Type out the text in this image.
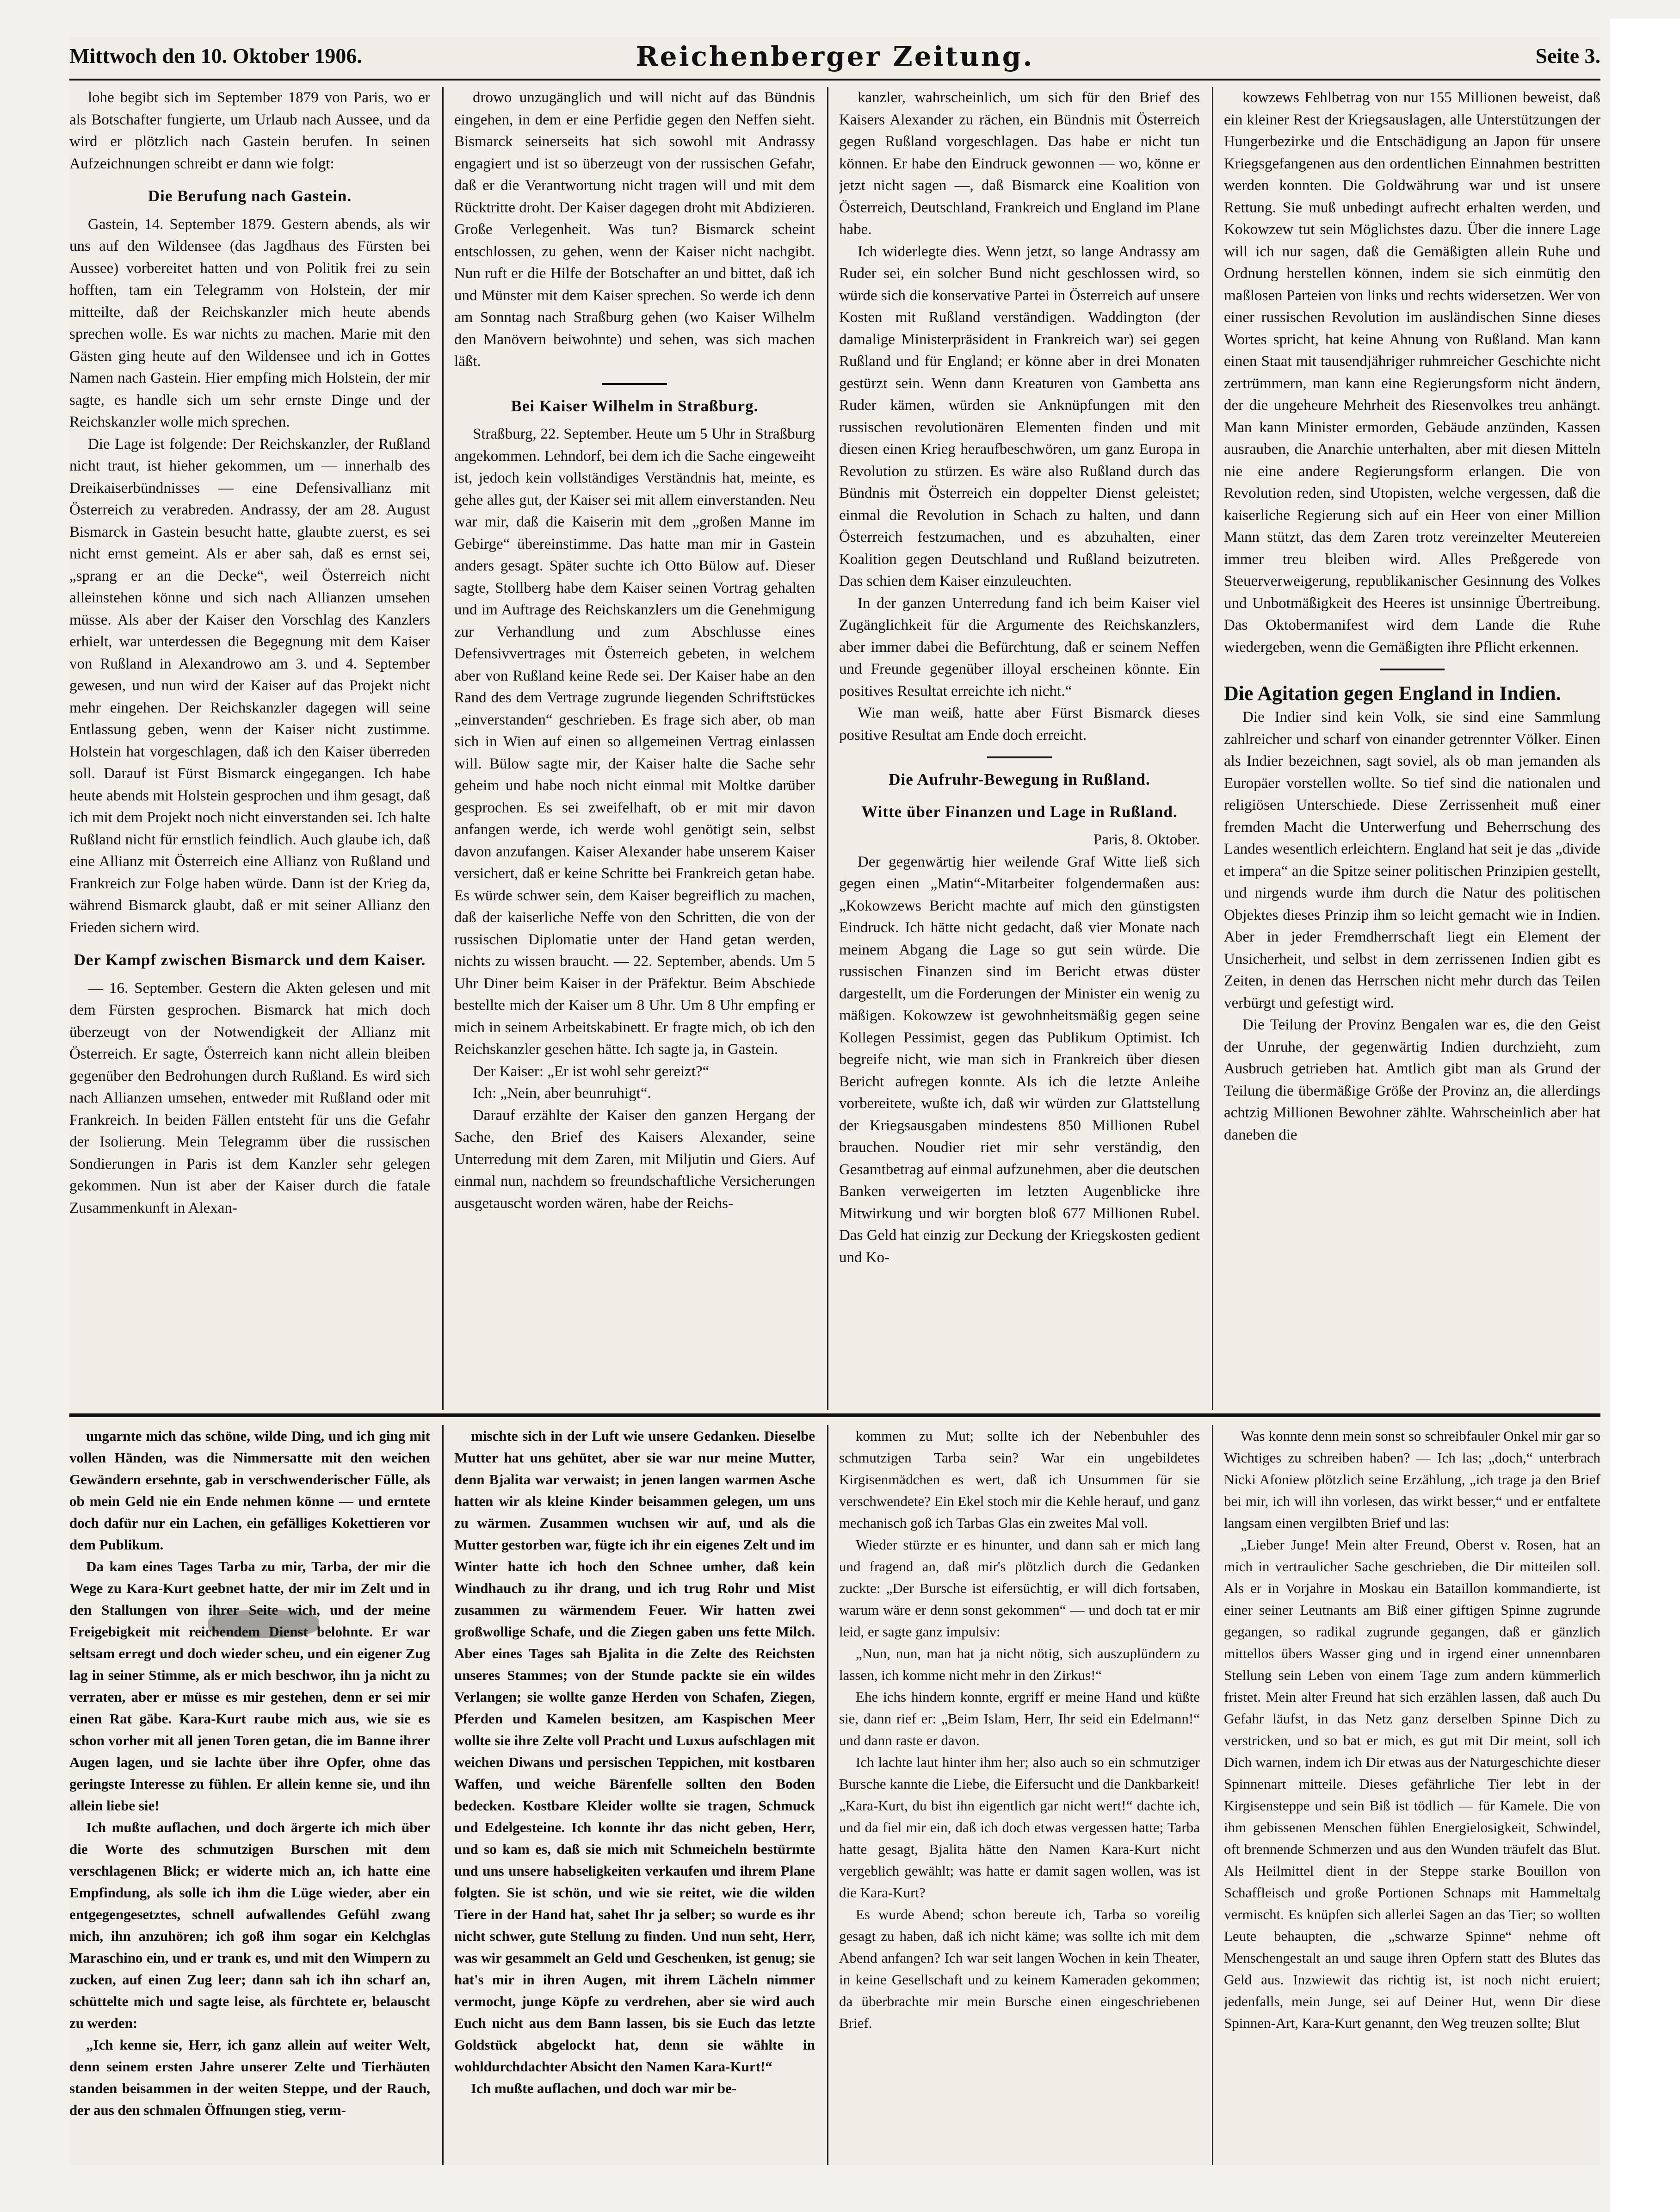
Mittwoch den 10. Oktober 1906.	Reichenberger Zeitung.	Seite 3.

lohe begibt sich im September 1879 von Paris, wo er als Botschafter fungierte, um Urlaub nach Aussee, und da wird er plötzlich nach Gastein berufen. In seinen Aufzeichnungen schreibt er dann wie folgt:

Die Berufung nach Gastein.

Gastein, 14. September 1879. Gestern abends, als wir uns auf den Wildensee (das Jagdhaus des Fürsten bei Aussee) vorbereitet hatten und von Politik frei zu sein hofften, tam ein Telegramm von Holstein, der mir mitteilte, daß der Reichskanzler mich heute abends sprechen wolle. Es war nichts zu machen. Marie mit den Gästen ging heute auf den Wildensee und ich in Gottes Namen nach Gastein. Hier empfing mich Holstein, der mir sagte, es handle sich um sehr ernste Dinge und der Reichskanzler wolle mich sprechen.

Die Lage ist folgende: Der Reichskanzler, der Rußland nicht traut, ist hieher gekommen, um — innerhalb des Dreikaiserbündnisses — eine Defensivallianz mit Österreich zu verabreden. Andrassy, der am 28. August Bismarck in Gastein besucht hatte, glaubte zuerst, es sei nicht ernst gemeint. Als er aber sah, daß es ernst sei, „sprang er an die Decke“, weil Österreich nicht alleinstehen könne und sich nach Allianzen umsehen müsse. Als aber der Kaiser den Vorschlag des Kanzlers erhielt, war unterdessen die Begegnung mit dem Kaiser von Rußland in Alexandrowo am 3. und 4. September gewesen, und nun wird der Kaiser auf das Projekt nicht mehr eingehen. Der Reichskanzler dagegen will seine Entlassung geben, wenn der Kaiser nicht zustimme. Holstein hat vorgeschlagen, daß ich den Kaiser überreden soll. Darauf ist Fürst Bismarck eingegangen. Ich habe heute abends mit Holstein gesprochen und ihm gesagt, daß ich mit dem Projekt noch nicht einverstanden sei. Ich halte Rußland nicht für ernstlich feindlich. Auch glaube ich, daß eine Allianz mit Österreich eine Allianz von Rußland und Frankreich zur Folge haben würde. Dann ist der Krieg da, während Bismarck glaubt, daß er mit seiner Allianz den Frieden sichern wird.

Der Kampf zwischen Bismarck und dem Kaiser.

— 16. September. Gestern die Akten gelesen und mit dem Fürsten gesprochen. Bismarck hat mich doch überzeugt von der Notwendigkeit der Allianz mit Österreich. Er sagte, Österreich kann nicht allein bleiben gegenüber den Bedrohungen durch Rußland. Es wird sich nach Allianzen umsehen, entweder mit Rußland oder mit Frankreich. In beiden Fällen entsteht für uns die Gefahr der Isolierung. Mein Telegramm über die russischen Sondierungen in Paris ist dem Kanzler sehr gelegen gekommen. Nun ist aber der Kaiser durch die fatale Zusammenkunft in Alexan-

drowo unzugänglich und will nicht auf das Bündnis eingehen, in dem er eine Perfidie gegen den Neffen sieht. Bismarck seinerseits hat sich sowohl mit Andrassy engagiert und ist so überzeugt von der russischen Gefahr, daß er die Verantwortung nicht tragen will und mit dem Rücktritte droht. Der Kaiser dagegen droht mit Abdizieren. Große Verlegenheit. Was tun? Bismarck scheint entschlossen, zu gehen, wenn der Kaiser nicht nachgibt. Nun ruft er die Hilfe der Botschafter an und bittet, daß ich und Münster mit dem Kaiser sprechen. So werde ich denn am Sonntag nach Straßburg gehen (wo Kaiser Wilhelm den Manövern beiwohnte) und sehen, was sich machen läßt.

Bei Kaiser Wilhelm in Straßburg.

Straßburg, 22. September. Heute um 5 Uhr in Straßburg angekommen. Lehndorf, bei dem ich die Sache eingeweiht ist, jedoch kein vollständiges Verständnis hat, meinte, es gehe alles gut, der Kaiser sei mit allem einverstanden. Neu war mir, daß die Kaiserin mit dem „großen Manne im Gebirge“ übereinstimme. Das hatte man mir in Gastein anders gesagt. Später suchte ich Otto Bülow auf. Dieser sagte, Stollberg habe dem Kaiser seinen Vortrag gehalten und im Auftrage des Reichskanzlers um die Genehmigung zur Verhandlung und zum Abschlusse eines Defensivvertrages mit Österreich gebeten, in welchem aber von Rußland keine Rede sei. Der Kaiser habe an den Rand des dem Vertrage zugrunde liegenden Schriftstückes „einverstanden“ geschrieben. Es frage sich aber, ob man sich in Wien auf einen so allgemeinen Vertrag einlassen will. Bülow sagte mir, der Kaiser halte die Sache sehr geheim und habe noch nicht einmal mit Moltke darüber gesprochen. Es sei zweifelhaft, ob er mit mir davon anfangen werde, ich werde wohl genötigt sein, selbst davon anzufangen. Kaiser Alexander habe unserem Kaiser versichert, daß er keine Schritte bei Frankreich getan habe. Es würde schwer sein, dem Kaiser begreiflich zu machen, daß der kaiserliche Neffe von den Schritten, die von der russischen Diplomatie unter der Hand getan werden, nichts zu wissen braucht. — 22. September, abends. Um 5 Uhr Diner beim Kaiser in der Präfektur. Beim Abschiede bestellte mich der Kaiser um 8 Uhr. Um 8 Uhr empfing er mich in seinem Arbeitskabinett. Er fragte mich, ob ich den Reichskanzler gesehen hätte. Ich sagte ja, in Gastein.

Der Kaiser: „Er ist wohl sehr gereizt?“

Ich: „Nein, aber beunruhigt“.

Darauf erzählte der Kaiser den ganzen Hergang der Sache, den Brief des Kaisers Alexander, seine Unterredung mit dem Zaren, mit Miljutin und Giers. Auf einmal nun, nachdem so freundschaftliche Versicherungen ausgetauscht worden wären, habe der Reichs-

kanzler, wahrscheinlich, um sich für den Brief des Kaisers Alexander zu rächen, ein Bündnis mit Österreich gegen Rußland vorgeschlagen. Das habe er nicht tun können. Er habe den Eindruck gewonnen — wo, könne er jetzt nicht sagen —, daß Bismarck eine Koalition von Österreich, Deutschland, Frankreich und England im Plane habe.

Ich widerlegte dies. Wenn jetzt, so lange Andrassy am Ruder sei, ein solcher Bund nicht geschlossen wird, so würde sich die konservative Partei in Österreich auf unsere Kosten mit Rußland verständigen. Waddington (der damalige Ministerpräsident in Frankreich war) sei gegen Rußland und für England; er könne aber in drei Monaten gestürzt sein. Wenn dann Kreaturen von Gambetta ans Ruder kämen, würden sie Anknüpfungen mit den russischen revolutionären Elementen finden und mit diesen einen Krieg heraufbeschwören, um ganz Europa in Revolution zu stürzen. Es wäre also Rußland durch das Bündnis mit Österreich ein doppelter Dienst geleistet; einmal die Revolution in Schach zu halten, und dann Österreich festzumachen, und es abzuhalten, einer Koalition gegen Deutschland und Rußland beizutreten. Das schien dem Kaiser einzuleuchten.

In der ganzen Unterredung fand ich beim Kaiser viel Zugänglichkeit für die Argumente des Reichskanzlers, aber immer dabei die Befürchtung, daß er seinem Neffen und Freunde gegenüber illoyal erscheinen könnte. Ein positives Resultat erreichte ich nicht.“

Wie man weiß, hatte aber Fürst Bismarck dieses positive Resultat am Ende doch erreicht.

Die Aufruhr-Bewegung in Rußland.

Witte über Finanzen und Lage in Rußland.

Paris, 8. Oktober.

Der gegenwärtig hier weilende Graf Witte ließ sich gegen einen „Matin“-Mitarbeiter folgendermaßen aus: „Kokowzews Bericht machte auf mich den günstigsten Eindruck. Ich hätte nicht gedacht, daß vier Monate nach meinem Abgang die Lage so gut sein würde. Die russischen Finanzen sind im Bericht etwas düster dargestellt, um die Forderungen der Minister ein wenig zu mäßigen. Kokowzew ist gewohnheitsmäßig gegen seine Kollegen Pessimist, gegen das Publikum Optimist. Ich begreife nicht, wie man sich in Frankreich über diesen Bericht aufregen konnte. Als ich die letzte Anleihe vorbereitete, wußte ich, daß wir würden zur Glattstellung der Kriegsausgaben mindestens 850 Millionen Rubel brauchen. Noudier riet mir sehr verständig, den Gesamtbetrag auf einmal aufzunehmen, aber die deutschen Banken verweigerten im letzten Augenblicke ihre Mitwirkung und wir borgten bloß 677 Millionen Rubel. Das Geld hat einzig zur Deckung der Kriegskosten gedient und Ko-

kowzews Fehlbetrag von nur 155 Millionen beweist, daß ein kleiner Rest der Kriegsauslagen, alle Unterstützungen der Hungerbezirke und die Entschädigung an Japon für unsere Kriegsgefangenen aus den ordentlichen Einnahmen bestritten werden konnten. Die Goldwährung war und ist unsere Rettung. Sie muß unbedingt aufrecht erhalten werden, und Kokowzew tut sein Möglichstes dazu. Über die innere Lage will ich nur sagen, daß die Gemäßigten allein Ruhe und Ordnung herstellen können, indem sie sich einmütig den maßlosen Parteien von links und rechts widersetzen. Wer von einer russischen Revolution im ausländischen Sinne dieses Wortes spricht, hat keine Ahnung von Rußland. Man kann einen Staat mit tausendjähriger ruhmreicher Geschichte nicht zertrümmern, man kann eine Regierungsform nicht ändern, der die ungeheure Mehrheit des Riesenvolkes treu anhängt. Man kann Minister ermorden, Gebäude anzünden, Kassen ausrauben, die Anarchie unterhalten, aber mit diesen Mitteln nie eine andere Regierungsform erlangen. Die von Revolution reden, sind Utopisten, welche vergessen, daß die kaiserliche Regierung sich auf ein Heer von einer Million Mann stützt, das dem Zaren trotz vereinzelter Meutereien immer treu bleiben wird. Alles Preßgerede von Steuerverweigerung, republikanischer Gesinnung des Volkes und Unbotmäßigkeit des Heeres ist unsinnige Übertreibung. Das Oktobermanifest wird dem Lande die Ruhe wiedergeben, wenn die Gemäßigten ihre Pflicht erkennen.

Die Agitation gegen England in Indien.

Die Indier sind kein Volk, sie sind eine Sammlung zahlreicher und scharf von einander getrennter Völker. Einen als Indier bezeichnen, sagt soviel, als ob man jemanden als Europäer vorstellen wollte. So tief sind die nationalen und religiösen Unterschiede. Diese Zerrissenheit muß einer fremden Macht die Unterwerfung und Beherrschung des Landes wesentlich erleichtern. England hat seit je das „divide et impera“ an die Spitze seiner politischen Prinzipien gestellt, und nirgends wurde ihm durch die Natur des politischen Objektes dieses Prinzip ihm so leicht gemacht wie in Indien. Aber in jeder Fremdherrschaft liegt ein Element der Unsicherheit, und selbst in dem zerrissenen Indien gibt es Zeiten, in denen das Herrschen nicht mehr durch das Teilen verbürgt und gefestigt wird.

Die Teilung der Provinz Bengalen war es, die den Geist der Unruhe, der gegenwärtig Indien durchzieht, zum Ausbruch getrieben hat. Amtlich gibt man als Grund der Teilung die übermäßige Größe der Provinz an, die allerdings achtzig Millionen Bewohner zählte. Wahrscheinlich aber hat daneben die

ungarnte mich das schöne, wilde Ding, und ich ging mit vollen Händen, was die Nimmersatte mit den weichen Gewändern ersehnte, gab in verschwenderischer Fülle, als ob mein Geld nie ein Ende nehmen könne — und erntete doch dafür nur ein Lachen, ein gefälliges Kokettieren vor dem Publikum.

Da kam eines Tages Tarba zu mir, Tarba, der mir die Wege zu Kara-Kurt geebnet hatte, der mir im Zelt und in den Stallungen von ihrer Seite wich, und der meine Freigebigkeit mit reichendem Dienst belohnte. Er war seltsam erregt und doch wieder scheu, und ein eigener Zug lag in seiner Stimme, als er mich beschwor, ihn ja nicht zu verraten, aber er müsse es mir gestehen, denn er sei mir einen Rat gäbe. Kara-Kurt raube mich aus, wie sie es schon vorher mit all jenen Toren getan, die im Banne ihrer Augen lagen, und sie lachte über ihre Opfer, ohne das geringste Interesse zu fühlen. Er allein kenne sie, und ihn allein liebe sie!

Ich mußte auflachen, und doch ärgerte ich mich über die Worte des schmutzigen Burschen mit dem verschlagenen Blick; er widerte mich an, ich hatte eine Empfindung, als solle ich ihm die Lüge wieder, aber ein entgegengesetztes, schnell aufwallendes Gefühl zwang mich, ihn anzuhören; ich goß ihm sogar ein Kelchglas Maraschino ein, und er trank es, und mit den Wimpern zu zucken, auf einen Zug leer; dann sah ich ihn scharf an, schüttelte mich und sagte leise, als fürchtete er, belauscht zu werden:

„Ich kenne sie, Herr, ich ganz allein auf weiter Welt, denn seinem ersten Jahre unserer Zelte und Tierhäuten standen beisammen in der weiten Steppe, und der Rauch, der aus den schmalen Öffnungen stieg, verm-

mischte sich in der Luft wie unsere Gedanken. Dieselbe Mutter hat uns gehütet, aber sie war nur meine Mutter, denn Bjalita war verwaist; in jenen langen warmen Asche hatten wir als kleine Kinder beisammen gelegen, um uns zu wärmen. Zusammen wuchsen wir auf, und als die Mutter gestorben war, fügte ich ihr ein eigenes Zelt und im Winter hatte ich hoch den Schnee umher, daß kein Windhauch zu ihr drang, und ich trug Rohr und Mist zusammen zu wärmendem Feuer. Wir hatten zwei großwollige Schafe, und die Ziegen gaben uns fette Milch. Aber eines Tages sah Bjalita in die Zelte des Reichsten unseres Stammes; von der Stunde packte sie ein wildes Verlangen; sie wollte ganze Herden von Schafen, Ziegen, Pferden und Kamelen besitzen, am Kaspischen Meer wollte sie ihre Zelte voll Pracht und Luxus aufschlagen mit weichen Diwans und persischen Teppichen, mit kostbaren Waffen, und weiche Bärenfelle sollten den Boden bedecken. Kostbare Kleider wollte sie tragen, Schmuck und Edelgesteine. Ich konnte ihr das nicht geben, Herr, und so kam es, daß sie mich mit Schmeicheln bestürmte und uns unsere habseligkeiten verkaufen und ihrem Plane folgten. Sie ist schön, und wie sie reitet, wie die wilden Tiere in der Hand hat, sahet Ihr ja selber; so wurde es ihr nicht schwer, gute Stellung zu finden. Und nun seht, Herr, was wir gesammelt an Geld und Geschenken, ist genug; sie hat's mir in ihren Augen, mit ihrem Lächeln nimmer vermocht, junge Köpfe zu verdrehen, aber sie wird auch Euch nicht aus dem Bann lassen, bis sie Euch das letzte Goldstück abgelockt hat, denn sie wählte in wohldurchdachter Absicht den Namen Kara-Kurt!“

Ich mußte auflachen, und doch war mir be-

kommen zu Mut; sollte ich der Nebenbuhler des schmutzigen Tarba sein? War ein ungebildetes Kirgisenmädchen es wert, daß ich Unsummen für sie verschwendete? Ein Ekel stoch mir die Kehle herauf, und ganz mechanisch goß ich Tarbas Glas ein zweites Mal voll.

Wieder stürzte er es hinunter, und dann sah er mich lang und fragend an, daß mir's plötzlich durch die Gedanken zuckte: „Der Bursche ist eifersüchtig, er will dich fortsaben, warum wäre er denn sonst gekommen“ — und doch tat er mir leid, er sagte ganz impulsiv:

„Nun, nun, man hat ja nicht nötig, sich auszuplündern zu lassen, ich komme nicht mehr in den Zirkus!“

Ehe ichs hindern konnte, ergriff er meine Hand und küßte sie, dann rief er: „Beim Islam, Herr, Ihr seid ein Edelmann!“ und dann raste er davon.

Ich lachte laut hinter ihm her; also auch so ein schmutziger Bursche kannte die Liebe, die Eifersucht und die Dankbarkeit! „Kara-Kurt, du bist ihn eigentlich gar nicht wert!“ dachte ich, und da fiel mir ein, daß ich doch etwas vergessen hatte; Tarba hatte gesagt, Bjalita hätte den Namen Kara-Kurt nicht vergeblich gewählt; was hatte er damit sagen wollen, was ist die Kara-Kurt?

Es wurde Abend; schon bereute ich, Tarba so voreilig gesagt zu haben, daß ich nicht käme; was sollte ich mit dem Abend anfangen? Ich war seit langen Wochen in kein Theater, in keine Gesellschaft und zu keinem Kameraden gekommen; da überbrachte mir mein Bursche einen eingeschriebenen Brief.

Was konnte denn mein sonst so schreibfauler Onkel mir gar so Wichtiges zu schreiben haben? — Ich las; „doch,“ unterbrach Nicki Afoniew plötzlich seine Erzählung, „ich trage ja den Brief bei mir, ich will ihn vorlesen, das wirkt besser,“ und er entfaltete langsam einen vergilbten Brief und las:

„Lieber Junge! Mein alter Freund, Oberst v. Rosen, hat an mich in vertraulicher Sache geschrieben, die Dir mitteilen soll. Als er in Vorjahre in Moskau ein Bataillon kommandierte, ist einer seiner Leutnants am Biß einer giftigen Spinne zugrunde gegangen, so radikal zugrunde gegangen, daß er gänzlich mittellos übers Wasser ging und in irgend einer unnennbaren Stellung sein Leben von einem Tage zum andern kümmerlich fristet. Mein alter Freund hat sich erzählen lassen, daß auch Du Gefahr läufst, in das Netz ganz derselben Spinne Dich zu verstricken, und so bat er mich, es gut mit Dir meint, soll ich Dich warnen, indem ich Dir etwas aus der Naturgeschichte dieser Spinnenart mitteile. Dieses gefährliche Tier lebt in der Kirgisensteppe und sein Biß ist tödlich — für Kamele. Die von ihm gebissenen Menschen fühlen Energielosigkeit, Schwindel, oft brennende Schmerzen und aus den Wunden träufelt das Blut. Als Heilmittel dient in der Steppe starke Bouillon von Schaffleisch und große Portionen Schnaps mit Hammeltalg vermischt. Es knüpfen sich allerlei Sagen an das Tier; so wollten Leute behaupten, die „schwarze Spinne“ nehme oft Menschengestalt an und sauge ihren Opfern statt des Blutes das Geld aus. Inzwiewit das richtig ist, ist noch nicht eruiert; jedenfalls, mein Junge, sei auf Deiner Hut, wenn Dir diese Spinnen-Art, Kara-Kurt genannt, den Weg treuzen sollte; Blut
